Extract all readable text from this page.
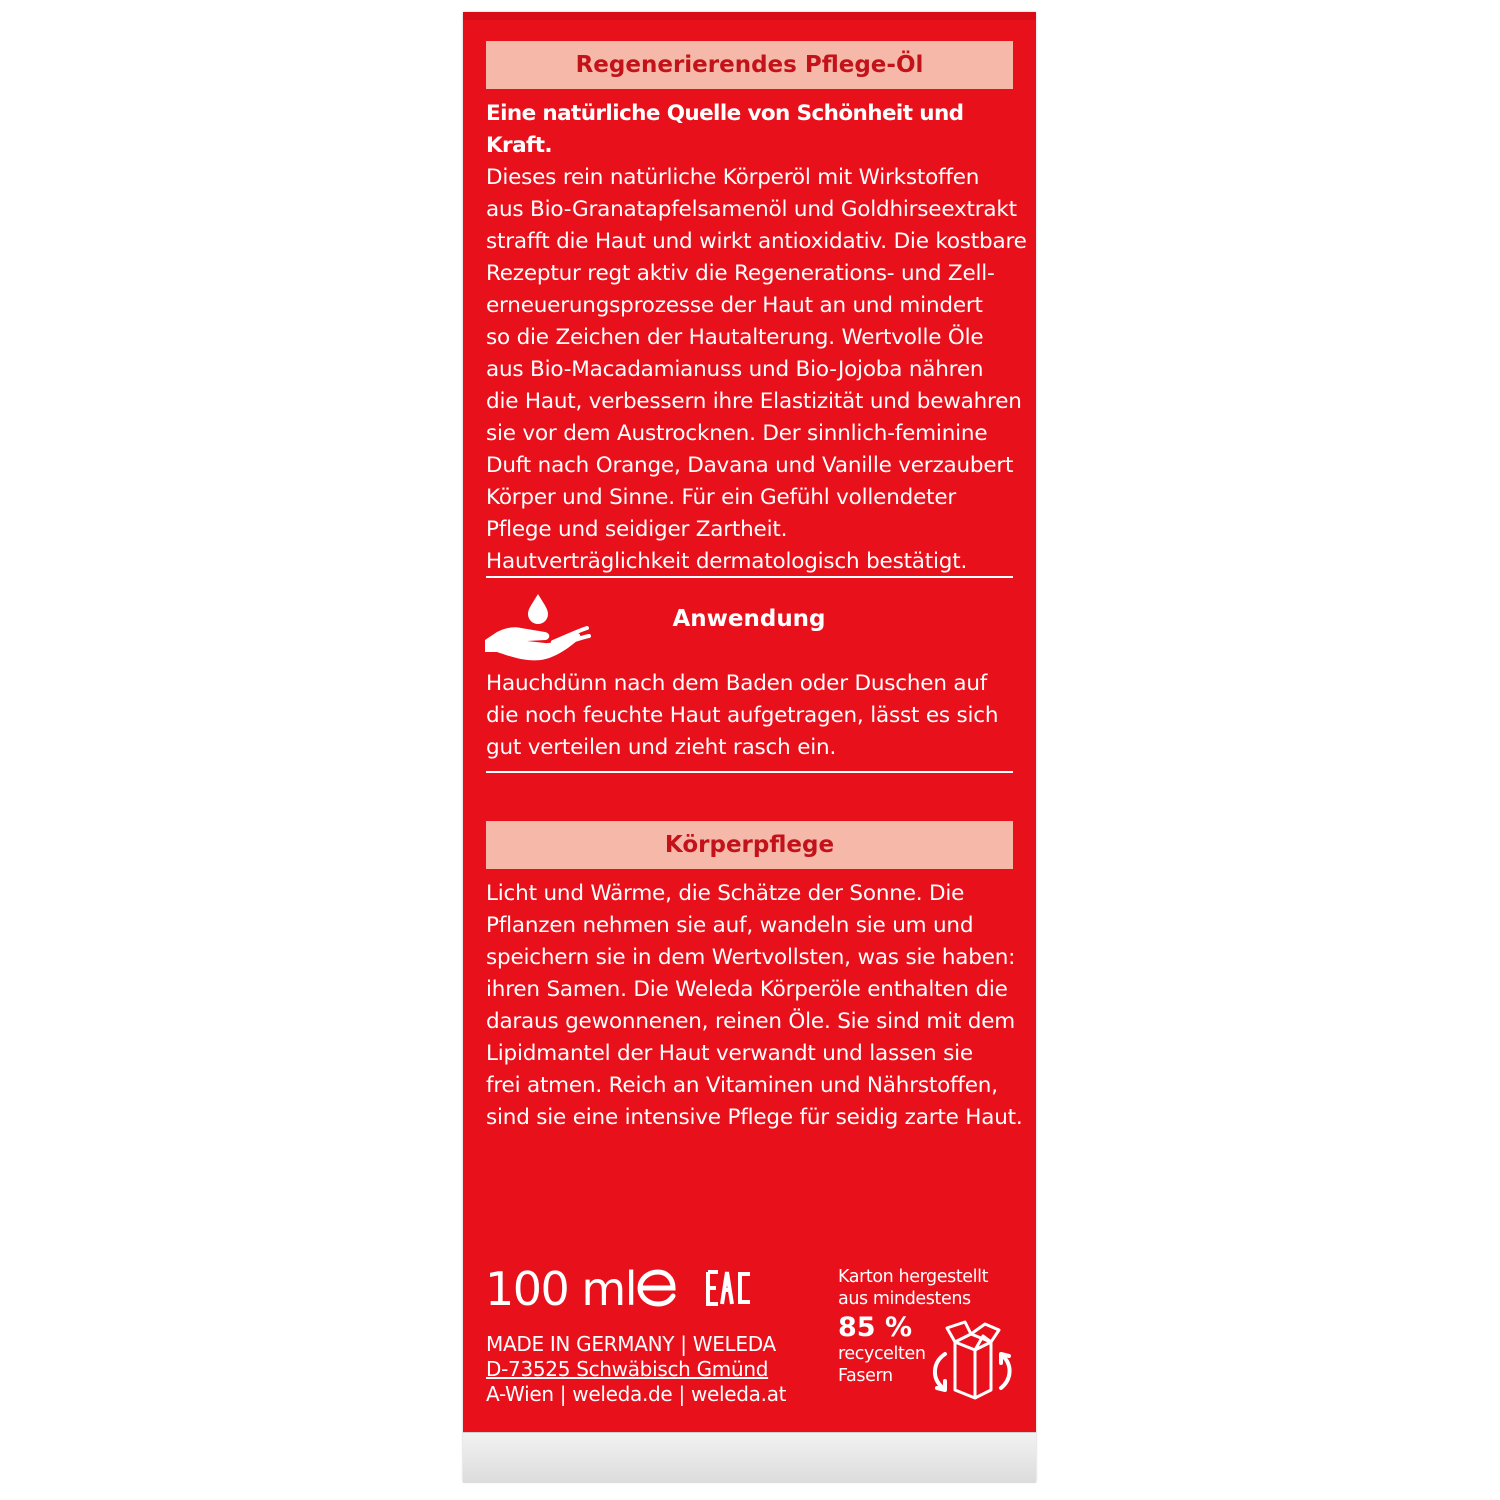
Regenerierendes Pflege-Öl
Eine natürliche Quelle von Schönheit und Kraft.
Dieses rein natürliche Körperöl mit Wirkstoffen
aus Bio-Granatapfelsamenöl und Goldhirseextrakt
strafft die Haut und wirkt antioxidativ. Die kostbare
Rezeptur regt aktiv die Regenerations- und Zell-
erneuerungsprozesse der Haut an und mindert
so die Zeichen der Hautalterung. Wertvolle Öle
aus Bio-Macadamianuss und Bio-Jojoba nähren
die Haut, verbessern ihre Elastizität und bewahren
sie vor dem Austrocknen. Der sinnlich-feminine
Duft nach Orange, Davana und Vanille verzaubert
Körper und Sinne. Für ein Gefühl vollendeter
Pflege und seidiger Zartheit.
Hautverträglichkeit dermatologisch bestätigt.
Anwendung
Hauchdünn nach dem Baden oder Duschen auf
die noch feuchte Haut aufgetragen, lässt es sich
gut verteilen und zieht rasch ein.
Körperpflege
Licht und Wärme, die Schätze der Sonne. Die
Pflanzen nehmen sie auf, wandeln sie um und
speichern sie in dem Wertvollsten, was sie haben:
ihren Samen. Die Weleda Körperöle enthalten die
daraus gewonnenen, reinen Öle. Sie sind mit dem
Lipidmantel der Haut verwandt und lassen sie
frei atmen. Reich an Vitaminen und Nährstoffen,
sind sie eine intensive Pflege für seidig zarte Haut.
100 ml
MADE IN GERMANY | WELEDA
D-73525 Schwäbisch Gmünd
A-Wien | weleda.de | weleda.at
Karton hergestellt
aus mindestens
85 %
recycelten
Fasern
